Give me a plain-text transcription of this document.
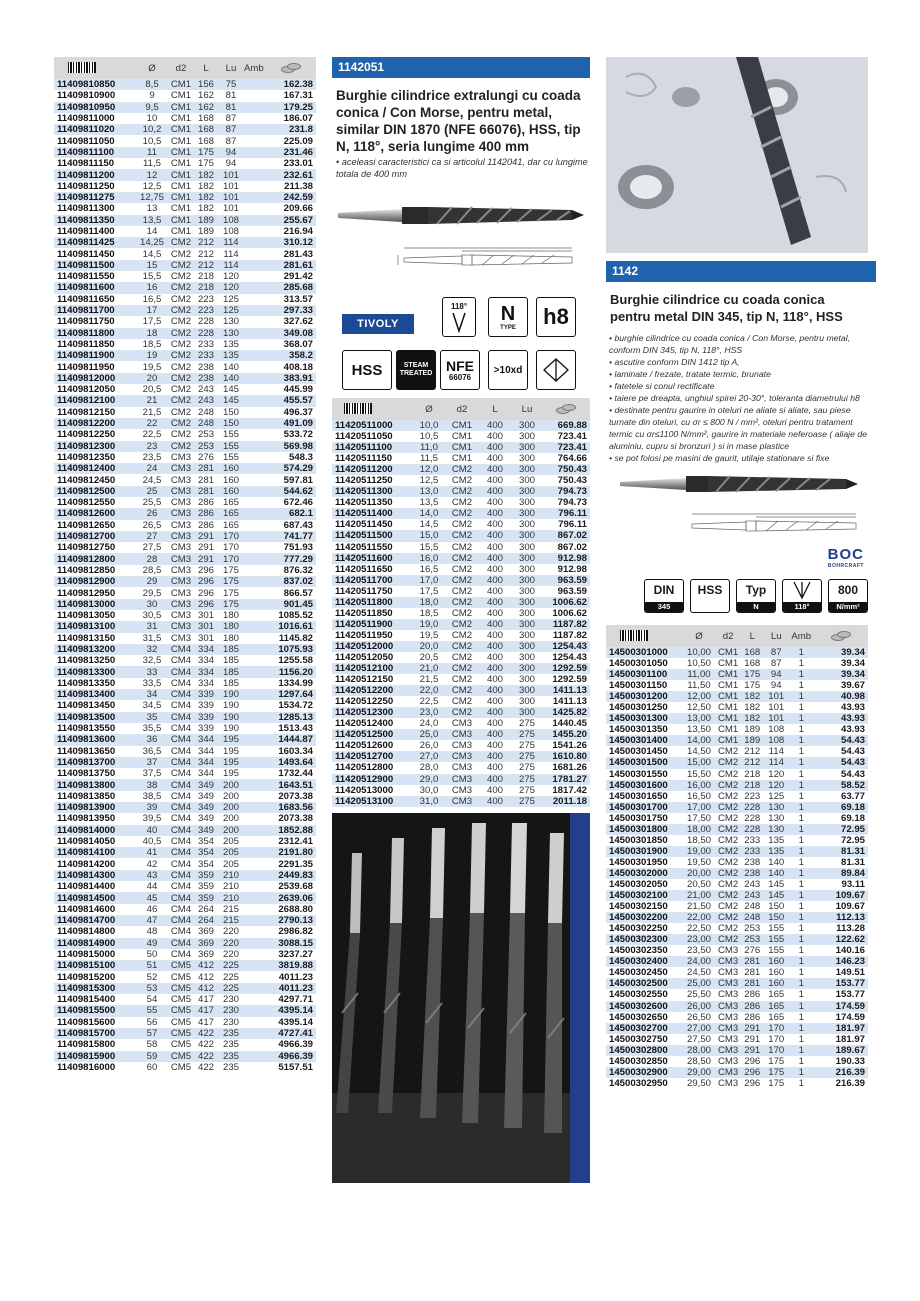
	Ø	d2	L	Lu	Amb	

11409810850	8,5	CM1	156	75	162.38	
11409810900	9	CM1	162	81	167.31	
11409810950	9,5	CM1	162	81	179.25	
11409811000	10	CM1	168	87	186.07	
11409811020	10,2	CM1	168	87	231.8	
11409811050	10,5	CM1	168	87	225.09	
11409811100	11	CM1	175	94	231.46	
11409811150	11,5	CM1	175	94	233.01	
11409811200	12	CM1	182	101	232.61	
11409811250	12,5	CM1	182	101	211.38	
11409811275	12,75	CM1	182	101	242.59	
11409811300	13	CM1	182	101	209.66	
11409811350	13,5	CM1	189	108	255.67	
11409811400	14	CM1	189	108	216.94	
11409811425	14,25	CM2	212	114	310.12	
11409811450	14,5	CM2	212	114	281.43	
11409811500	15	CM2	212	114	281.61	
11409811550	15,5	CM2	218	120	291.42	
11409811600	16	CM2	218	120	285.68	
11409811650	16,5	CM2	223	125	313.57	
11409811700	17	CM2	223	125	297.33	
11409811750	17,5	CM2	228	130	327.62	
11409811800	18	CM2	228	130	349.08	
11409811850	18,5	CM2	233	135	368.07	
11409811900	19	CM2	233	135	358.2	
11409811950	19,5	CM2	238	140	408.18	
11409812000	20	CM2	238	140	383.91	
11409812050	20,5	CM2	243	145	445.99	
11409812100	21	CM2	243	145	455.57	
11409812150	21,5	CM2	248	150	496.37	
11409812200	22	CM2	248	150	491.09	
11409812250	22,5	CM2	253	155	533.72	
11409812300	23	CM2	253	155	569.98	
11409812350	23,5	CM3	276	155	548.3	
11409812400	24	CM3	281	160	574.29	
11409812450	24,5	CM3	281	160	597.81	
11409812500	25	CM3	281	160	544.62	
11409812550	25,5	CM3	286	165	672.46	
11409812600	26	CM3	286	165	682.1	
11409812650	26,5	CM3	286	165	687.43	
11409812700	27	CM3	291	170	741.77	
11409812750	27,5	CM3	291	170	751.93	
11409812800	28	CM3	291	170	777.29	
11409812850	28,5	CM3	296	175	876.32	
11409812900	29	CM3	296	175	837.02	
11409812950	29,5	CM3	296	175	866.57	
11409813000	30	CM3	296	175	901.45	
11409813050	30,5	CM3	301	180	1085.52	
11409813100	31	CM3	301	180	1016.61	
11409813150	31,5	CM3	301	180	1145.82	
11409813200	32	CM4	334	185	1075.93	
11409813250	32,5	CM4	334	185	1255.58	
11409813300	33	CM4	334	185	1156.20	
11409813350	33,5	CM4	334	185	1334.99	
11409813400	34	CM4	339	190	1297.64	
11409813450	34,5	CM4	339	190	1534.72	
11409813500	35	CM4	339	190	1285.13	
11409813550	35,5	CM4	339	190	1513.43	
11409813600	36	CM4	344	195	1444.87	
11409813650	36,5	CM4	344	195	1603.34	
11409813700	37	CM4	344	195	1493.64	
11409813750	37,5	CM4	344	195	1732.44	
11409813800	38	CM4	349	200	1643.51	
11409813850	38,5	CM4	349	200	2073.38	
11409813900	39	CM4	349	200	1683.56	
11409813950	39,5	CM4	349	200	2073.38	
11409814000	40	CM4	349	200	1852.88	
11409814050	40,5	CM4	354	205	2312.41	
11409814100	41	CM4	354	205	2191.80	
11409814200	42	CM4	354	205	2291.35	
11409814300	43	CM4	359	210	2449.83	
11409814400	44	CM4	359	210	2539.68	
11409814500	45	CM4	359	210	2639.06	
11409814600	46	CM4	264	215	2688.80	
11409814700	47	CM4	264	215	2790.13	
11409814800	48	CM4	369	220	2986.82	
11409814900	49	CM4	369	220	3088.15	
11409815000	50	CM4	369	220	3237.27	
11409815100	51	CM5	412	225	3819.88	
11409815200	52	CM5	412	225	4011.23	
11409815300	53	CM5	412	225	4011.23	
11409815400	54	CM5	417	230	4297.71	
11409815500	55	CM5	417	230	4395.14	
11409815600	56	CM5	417	230	4395.14	
11409815700	57	CM5	422	235	4727.41	
11409815800	58	CM5	422	235	4966.39	
11409815900	59	CM5	422	235	4966.39	
11409816000	60	CM5	422	235	5157.51	
1142051
Burghie cilindrice extralungi cu coada conica / Con Morse, pentru metal, similar DIN 1870 (NFE 66076), HSS, tip N, 118°, seria lungime 400 mm
• aceleasi caracteristici ca si articolul 1142041, dar cu lungime totala de 400 mm
TIVOLY
118° N
TYPE	h8
HSS	STEAM
TREATED NFE
66076
>10xd
	Ø	d2	L	Lu	

11420511000	10,0	CM1	400	300	669.88
11420511050	10,5	CM1	400	300	723.41
11420511100	11,0	CM1	400	300	723.41
11420511150	11,5	CM1	400	300	764.66
11420511200	12,0	CM2	400	300	750.43
11420511250	12,5	CM2	400	300	750.43
11420511300	13,0	CM2	400	300	794.73
11420511350	13,5	CM2	400	300	794.73
11420511400	14,0	CM2	400	300	796.11
11420511450	14,5	CM2	400	300	796.11
11420511500	15,0	CM2	400	300	867.02
11420511550	15,5	CM2	400	300	867.02
11420511600	16,0	CM2	400	300	912.98
11420511650	16,5	CM2	400	300	912.98
11420511700	17,0	CM2	400	300	963.59
11420511750	17,5	CM2	400	300	963.59
11420511800	18,0	CM2	400	300	1006.62
11420511850	18,5	CM2	400	300	1006.62
11420511900	19,0	CM2	400	300	1187.82
11420511950	19,5	CM2	400	300	1187.82
11420512000	20,0	CM2	400	300	1254.43
11420512050	20,5	CM2	400	300	1254.43
11420512100	21,0	CM2	400	300	1292.59
11420512150	21,5	CM2	400	300	1292.59
11420512200	22,0	CM2	400	300	1411.13
11420512250	22,5	CM2	400	300	1411.13
11420512300	23,0	CM2	400	300	1425.82
11420512400	24,0	CM3	400	275	1440.45
11420512500	25,0	CM3	400	275	1455.20
11420512600	26,0	CM3	400	275	1541.26
11420512700	27,0	CM3	400	275	1610.80
11420512800	28,0	CM3	400	275	1681.26
11420512900	29,0	CM3	400	275	1781.27
11420513000	30,0	CM3	400	275	1817.42
11420513100	31,0	CM3	400	275	2011.18
1142
Burghie cilindrice cu coada conica pentru metal DIN 345, tip N, 118°, HSS
• burghie cilindrice cu coada conica / Con Morse, pentru metal, conform DIN 345, tip N, 118°, HSS
• ascutire conform DIN 1412 tip A,
• laminate / frezate, tratate termic, brunate
• fatetele si conul rectificate
• taiere pe dreapta, unghiul spirei 20-30°, toleranta diametrului h8
• destinate pentru gaurire in oteluri ne aliate si aliate, sau piese turnate din oteluri, cu σr ≤ 800 N / mm², oteluri pentru tratament termic cu σr≤1100 N/mm², gaurire in materiale neferoase ( aliaje de aluminiu, cupru si bronzuri ) si in mase plastice
• se pot folosi pe masini de gaurit, utilaje stationare si fixe
BOC
BOHRCRAFT
DIN
345
HSS Typ
N	118°
800
N/mm²
	Ø	d2	L	Lu	Amb	

14500301000	10,00	CM1	168	87	1	39.34
14500301050	10,50	CM1	168	87	1	39.34
14500301100	11,00	CM1	175	94	1	39.34
14500301150	11,50	CM1	175	94	1	39.67
14500301200	12,00	CM1	182	101	1	40.98
14500301250	12,50	CM1	182	101	1	43.93
14500301300	13,00	CM1	182	101	1	43.93
14500301350	13,50	CM1	189	108	1	43.93
14500301400	14,00	CM1	189	108	1	54.43
14500301450	14,50	CM2	212	114	1	54.43
14500301500	15,00	CM2	212	114	1	54.43
14500301550	15,50	CM2	218	120	1	54.43
14500301600	16,00	CM2	218	120	1	58.52
14500301650	16,50	CM2	223	125	1	63.77
14500301700	17,00	CM2	228	130	1	69.18
14500301750	17,50	CM2	228	130	1	69.18
14500301800	18,00	CM2	228	130	1	72.95
14500301850	18,50	CM2	233	135	1	72.95
14500301900	19,00	CM2	233	135	1	81.31
14500301950	19,50	CM2	238	140	1	81.31
14500302000	20,00	CM2	238	140	1	89.84
14500302050	20,50	CM2	243	145	1	93.11
14500302100	21,00	CM2	243	145	1	109.67
14500302150	21,50	CM2	248	150	1	109.67
14500302200	22,00	CM2	248	150	1	112.13
14500302250	22,50	CM2	253	155	1	113.28
14500302300	23,00	CM2	253	155	1	122.62
14500302350	23,50	CM3	276	155	1	140.16
14500302400	24,00	CM3	281	160	1	146.23
14500302450	24,50	CM3	281	160	1	149.51
14500302500	25,00	CM3	281	160	1	153.77
14500302550	25,50	CM3	286	165	1	153.77
14500302600	26,00	CM3	286	165	1	174.59
14500302650	26,50	CM3	286	165	1	174.59
14500302700	27,00	CM3	291	170	1	181.97
14500302750	27,50	CM3	291	170	1	181.97
14500302800	28,00	CM3	291	170	1	189.67
14500302850	28,50	CM3	296	175	1	190.33
14500302900	29,00	CM3	296	175	1	216.39
14500302950	29,50	CM3	296	175	1	216.39
